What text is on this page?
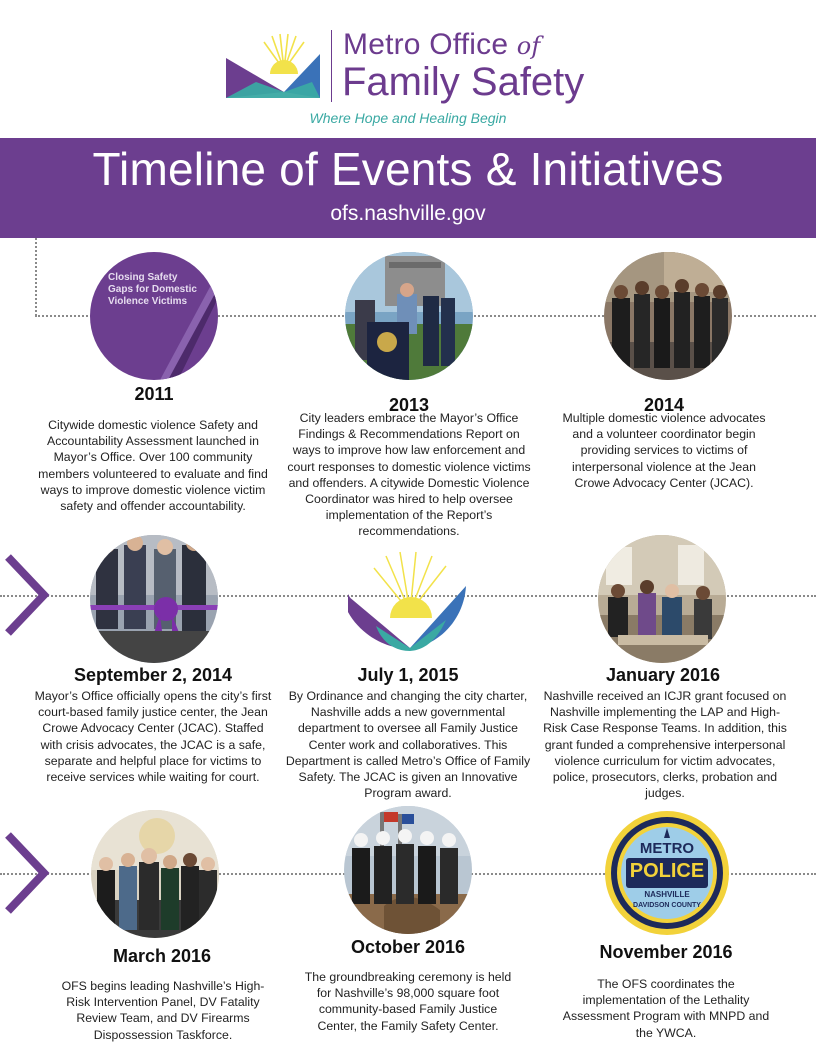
Metro Office of
Family Safety
Where Hope and Healing Begin
Timeline of Events & Initiatives
ofs.nashville.gov
Closing Safety Gaps for Domestic Violence Victims
2011
Citywide domestic violence Safety and Accountability Assessment launched in Mayor’s Office. Over 100 community members volunteered to evaluate and find ways to improve domestic violence victim safety and offender accountability.
2013
City leaders embrace the Mayor’s Office Findings & Recommendations Report on ways to improve how law enforcement and court responses to domestic violence victims and offenders. A citywide Domestic Violence Coordinator was hired to help oversee implementation of the Report’s recommendations.
2014
Multiple domestic violence advocates and a volunteer coordinator begin providing services to victims of interpersonal violence at the Jean Crowe Advocacy Center (JCAC).
September 2, 2014
Mayor’s Office officially opens the city’s first court-based family justice center, the Jean Crowe Advocacy Center (JCAC). Staffed with crisis advocates, the JCAC is a safe, separate and helpful place for victims to receive services while waiting for court.
July 1, 2015
By Ordinance and changing the city charter, Nashville adds a new governmental department to oversee all Family Justice Center work and collaboratives. This Department is called Metro’s Office of Family Safety. The JCAC is given an Innovative Program award.
January 2016
Nashville received an ICJR grant focused on Nashville implementing the LAP and High-Risk Case Response Teams. In addition, this grant funded a comprehensive interpersonal violence curriculum for victim advocates, police, prosecutors, clerks, probation and judges.
March 2016
OFS begins leading Nashville’s High-Risk Intervention Panel, DV Fatality Review Team, and DV Firearms Dispossession Taskforce.
October 2016
The groundbreaking ceremony is held for Nashville’s 98,000 square foot community-based Family Justice Center, the Family Safety Center.
METRO
POLICE
NASHVILLE
DAVIDSON COUNTY
November 2016
The OFS coordinates the implementation of the Lethality Assessment Program with MNPD and the YWCA.
